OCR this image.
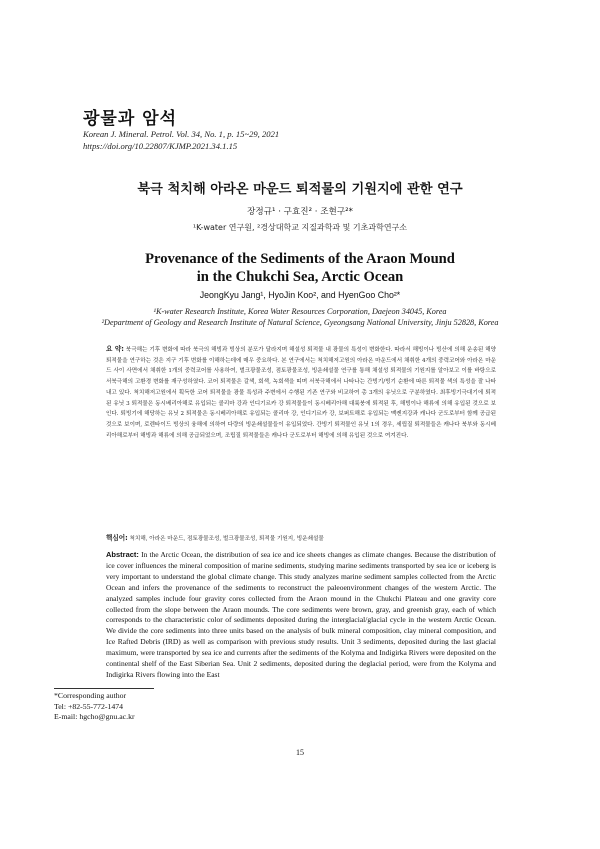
광물과 암석
Korean J. Mineral. Petrol. Vol. 34, No. 1, p. 15~29, 2021
https://doi.org/10.22807/KJMP.2021.34.1.15
북극 척치해 아라온 마운드 퇴적물의 기원지에 관한 연구
장정규¹ · 구효진² · 조현구²*
¹K-water 연구원, ²경상대학교 지질과학과 및 기초과학연구소
Provenance of the Sediments of the Araon Mound
in the Chukchi Sea, Arctic Ocean
JeongKyu Jang¹, HyoJin Koo², and HyenGoo Cho²*
¹K-water Research Institute, Korea Water Resources Corporation, Daejeon 34045, Korea
²Department of Geology and Research Institute of Natural Science, Gyeongsang National University, Jinju 52828, Korea

요 약: 북극해는 기후 변화에 따라 북극의 해빙과 빙상의 분포가 달라지며 해설성 퇴적물 내 광물의 특성이 변화한다. 따라서 해빙이나 빙산에 의해 운송된 해양 퇴적물을 연구하는 것은 지구 기후 변화를 이해하는데에 매우 중요하다. 본 연구에서는 척치해저고원의 아라온 마운드에서 채취한 4개의 중력코어와 아라온 마운드 사이 사면에서 채취한 1개의 중력코어를 사용하여, 벌크광물조성, 점토광물조성, 빙운쇄설물 연구를 통해 채설성 퇴적물의 기원지를 알아보고 이를 바탕으로 서북극해의 고환경 변화를 재구성하였다. 코어 퇴적물은 갈색, 회색, 녹회색을 띠며 서북극해에서 나타나는 간빙기/빙기 순환에 따른 퇴적물 색의 특성을 잘 나타내고 있다. 척치해저고원에서 획득한 코어 퇴적물을 광물 특성과 주변에서 수행된 기존 연구와 비교하여 총 3개의 유닛으로 구분하였다. 최후빙기극대기에 퇴적된 유닛 3 퇴적물은 동시베리아해로 유입되는 콜리마 강과 인디기르카 강 퇴적물들이 동시베리아해 대륙붕에 퇴적된 후, 해빙이나 해류에 의해 유입된 것으로 보인다. 퇴빙기에 해당하는 유닛 2 퇴적물은 동시베리아해로 유입되는 콜리마 강, 인디기르카 강, 보퍼트해로 유입되는 맥켄지강과 캐나다 군도로부터 함께 공급된 것으로 보이며, 로렌타이드 빙상의 융해에 의하여 다량의 빙운쇄설물들이 유입되었다. 간빙기 퇴적물인 유닛 1의 경우, 세립질 퇴적물들은 캐나다 북부와 동시베리아해로부터 해빙과 해류에 의해 공급되었으며, 조립질 퇴적물들은 캐나다 군도로부터 해빙에 의해 유입된 것으로 여겨진다.

핵심어: 척치해, 아라온 마운드, 점토광물조성, 벌크광물조성, 퇴적물 기원지, 빙운쇄설물
Abstract: In the Arctic Ocean, the distribution of sea ice and ice sheets changes as climate changes. Because the distribution of ice cover influences the mineral composition of marine sediments, studying marine sediments transported by sea ice or iceberg is very important to understand the global climate change. This study analyzes marine sediment samples collected from the Arctic Ocean and infers the provenance of the sediments to reconstruct the paleoenvironment changes of the western Arctic. The analyzed samples include four gravity cores collected from the Araon mound in the Chukchi Plateau and one gravity core collected from the slope between the Araon mounds. The core sediments were brown, gray, and greenish gray, each of which corresponds to the characteristic color of sediments deposited during the interglacial/glacial cycle in the western Arctic Ocean. We divide the core sediments into three units based on the analysis of bulk mineral composition, clay mineral composition, and Ice Rafted Debris (IRD) as well as comparison with previous study results. Unit 3 sediments, deposited during the last glacial maximum, were transported by sea ice and currents after the sediments of the Kolyma and Indigirka Rivers were deposited on the continental shelf of the East Siberian Sea. Unit 2 sediments, deposited during the deglacial period, were from the Kolyma and Indigirka Rivers flowing into the East
*Corresponding author
Tel: +82-55-772-1474
E-mail: hgcho@gnu.ac.kr
15
